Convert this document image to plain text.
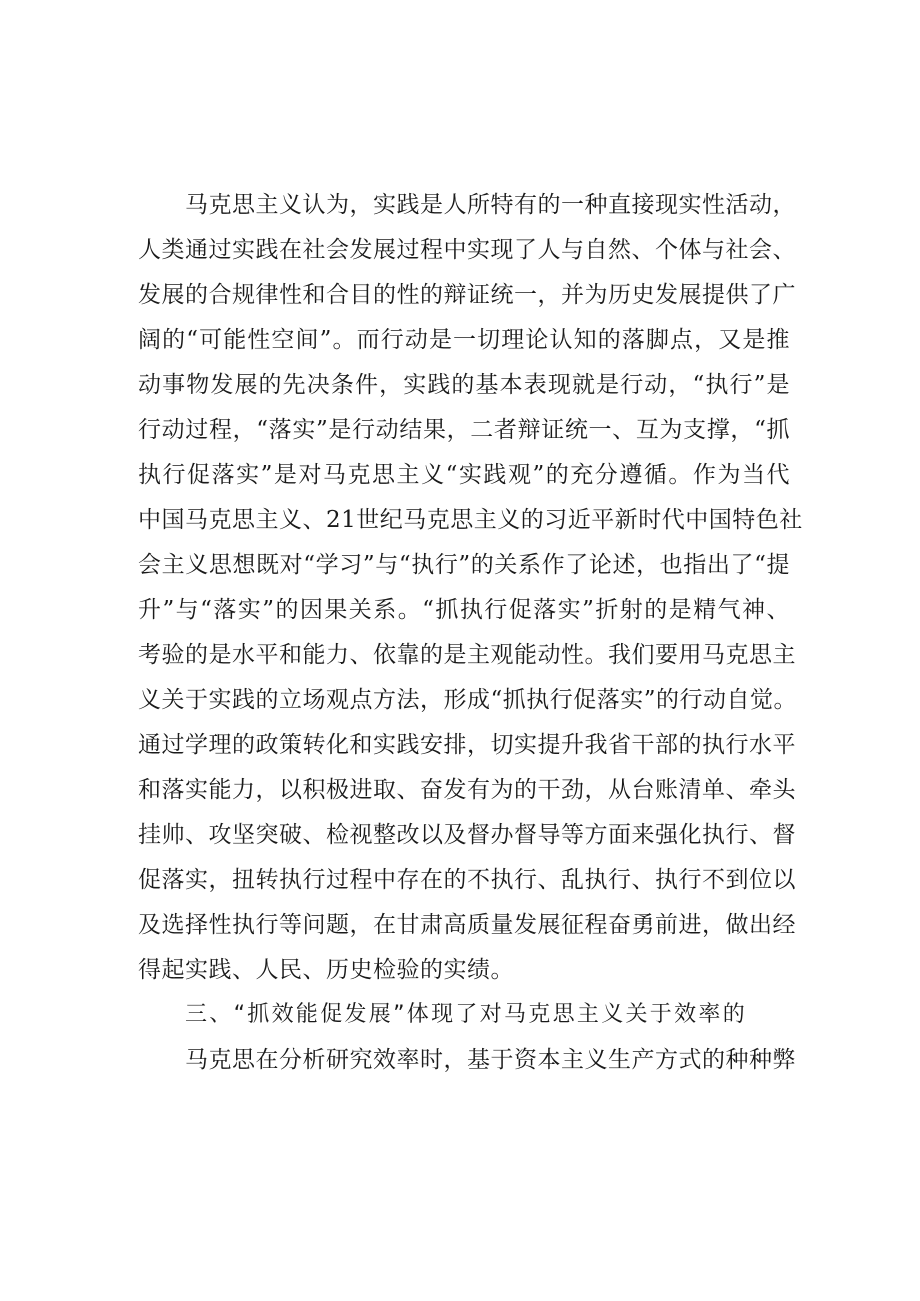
马克思主义认为，实践是人所特有的一种直接现实性活动，
人类通过实践在社会发展过程中实现了人与自然、个体与社会、
发展的合规律性和合目的性的辩证统一，并为历史发展提供了广
阔的“可能性空间”。而行动是一切理论认知的落脚点，又是推
动事物发展的先决条件，实践的基本表现就是行动，“执行”是
行动过程，“落实”是行动结果，二者辩证统一、互为支撑，“抓
执行促落实”是对马克思主义“实践观”的充分遵循。作为当代
中国马克思主义、21世纪马克思主义的习近平新时代中国特色社
会主义思想既对“学习”与“执行”的关系作了论述，也指出了“提
升”与“落实”的因果关系。“抓执行促落实”折射的是精气神、
考验的是水平和能力、依靠的是主观能动性。我们要用马克思主
义关于实践的立场观点方法，形成“抓执行促落实”的行动自觉。
通过学理的政策转化和实践安排，切实提升我省干部的执行水平
和落实能力，以积极进取、奋发有为的干劲，从台账清单、牵头
挂帅、攻坚突破、检视整改以及督办督导等方面来强化执行、督
促落实，扭转执行过程中存在的不执行、乱执行、执行不到位以
及选择性执行等问题，在甘肃高质量发展征程奋勇前进，做出经
得起实践、人民、历史检验的实绩。
三、“抓效能促发展”体现了对马克思主义关于效率的
马克思在分析研究效率时，基于资本主义生产方式的种种弊
